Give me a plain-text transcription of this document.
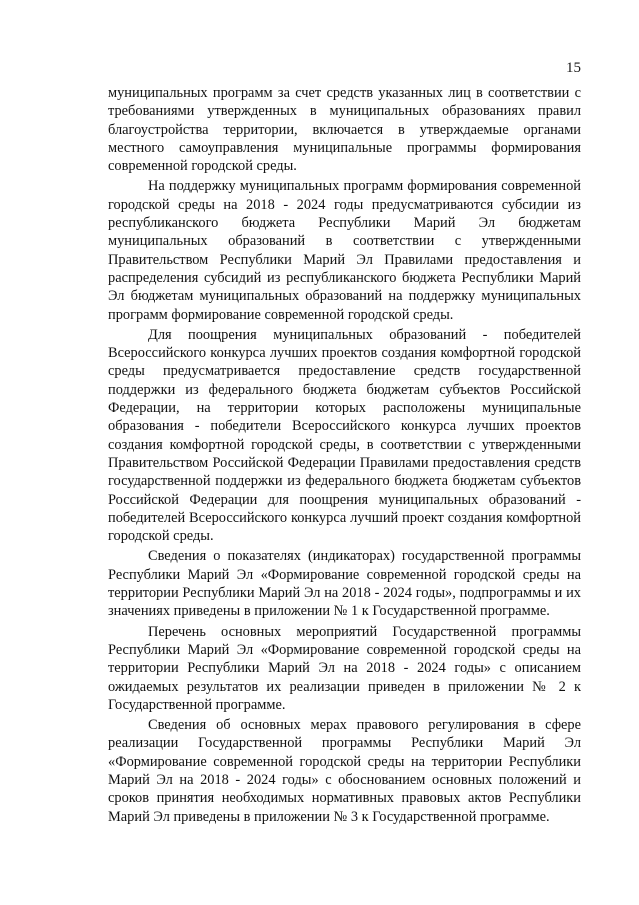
15

муниципальных программ за счет средств указанных лиц в соответствии с требованиями утвержденных в муниципальных образованиях правил благоустройства территории, включается в утверждаемые органами местного самоуправления муниципальные программы формирования современной городской среды.

На поддержку муниципальных программ формирования современной городской среды на 2018 - 2024 годы предусматриваются субсидии из республиканского бюджета Республики Марий Эл бюджетам муниципальных образований в соответствии с утвержденными Правительством Республики Марий Эл Правилами предоставления и распределения субсидий из республиканского бюджета Республики Марий Эл бюджетам муниципальных образований на поддержку муниципальных программ формирование современной городской среды.

Для поощрения муниципальных образований - победителей Всероссийского конкурса лучших проектов создания комфортной городской среды предусматривается предоставление средств государственной поддержки из федерального бюджета бюджетам субъектов Российской Федерации, на территории которых расположены муниципальные образования - победители Всероссийского конкурса лучших проектов создания комфортной городской среды, в соответствии с утвержденными Правительством Российской Федерации Правилами предоставления средств государственной поддержки из федерального бюджета бюджетам субъектов Российской Федерации для поощрения муниципальных образований - победителей Всероссийского конкурса лучший проект создания комфортной городской среды.

Сведения о показателях (индикаторах) государственной программы Республики Марий Эл «Формирование современной городской среды на территории Республики Марий Эл на 2018 - 2024 годы», подпрограммы и их значениях приведены в приложении № 1 к Государственной программе.

Перечень основных мероприятий Государственной программы Республики Марий Эл «Формирование современной городской среды на территории Республики Марий Эл на 2018 - 2024 годы» с описанием ожидаемых результатов их реализации приведен в приложении № 2 к Государственной программе.

Сведения об основных мерах правового регулирования в сфере реализации Государственной программы Республики Марий Эл «Формирование современной городской среды на территории Республики Марий Эл на 2018 - 2024 годы» с обоснованием основных положений и сроков принятия необходимых нормативных правовых актов Республики Марий Эл приведены в приложении № 3 к Государственной программе.
